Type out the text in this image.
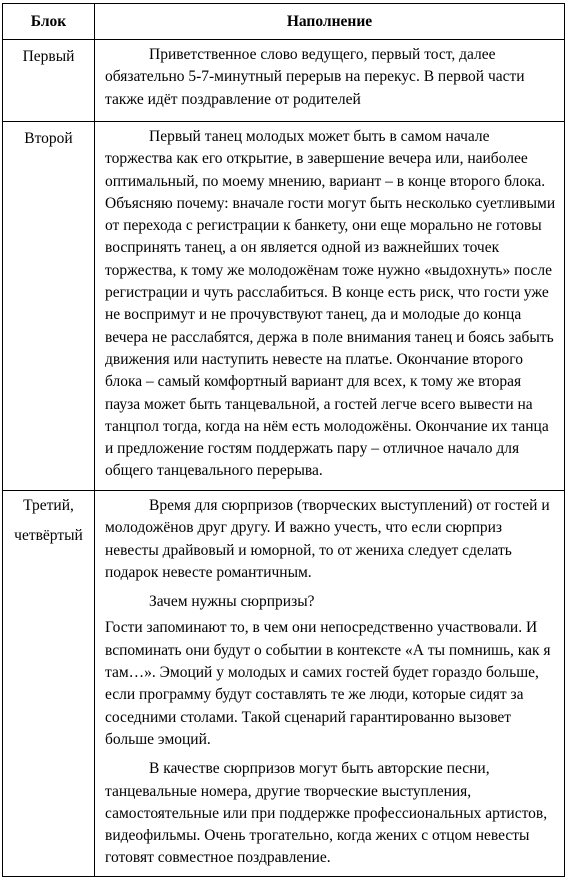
Блок	Наполнение
Первый	Приветственное слово ведущего, первый тост, далее обязательно 5-7-минутный перерыв на перекус. В первой части также идёт поздравление от родителей

Второй	Первый танец молодых может быть в самом начале торжества как его открытие, в завершение вечера или, наиболее оптимальный, по моему мнению, вариант – в конце второго блока. Объясняю почему: вначале гости могут быть несколько суетливыми от перехода с регистрации к банкету, они еще морально не готовы воспринять танец, а он является одной из важнейших точек торжества, к тому же молодожёнам тоже нужно «выдохнуть» после регистрации и чуть расслабиться. В конце есть риск, что гости уже не воспримут и не прочувствуют танец, да и молодые до конца вечера не расслабятся, держа в поле внимания танец и боясь забыть движения или наступить невесте на платье. Окончание второго блока – самый комфортный вариант для всех, к тому же вторая пауза может быть танцевальной, а гостей легче всего вывести на танцпол тогда, когда на нём есть молодожёны. Окончание их танца и предложение гостям поддержать пару – отличное начало для общего танцевального перерыва.

Третий, четвёртый	Время для сюрпризов (творческих выступлений) от гостей и молодожёнов друг другу. И важно учесть, что если сюрприз невесты драйвовый и юморной, то от жениха следует сделать подарок невесте романтичным.

Зачем нужны сюрпризы?

Гости запоминают то, в чем они непосредственно участвовали. И вспоминать они будут о событии в контексте «А ты помнишь, как я там…». Эмоций у молодых и самих гостей будет гораздо больше, если программу будут составлять те же люди, которые сидят за соседними столами. Такой сценарий гарантированно вызовет больше эмоций.

В качестве сюрпризов могут быть авторские песни, танцевальные номера, другие творческие выступления, самостоятельные или при поддержке профессиональных артистов, видеофильмы. Очень трогательно, когда жених с отцом невесты готовят совместное поздравление.
